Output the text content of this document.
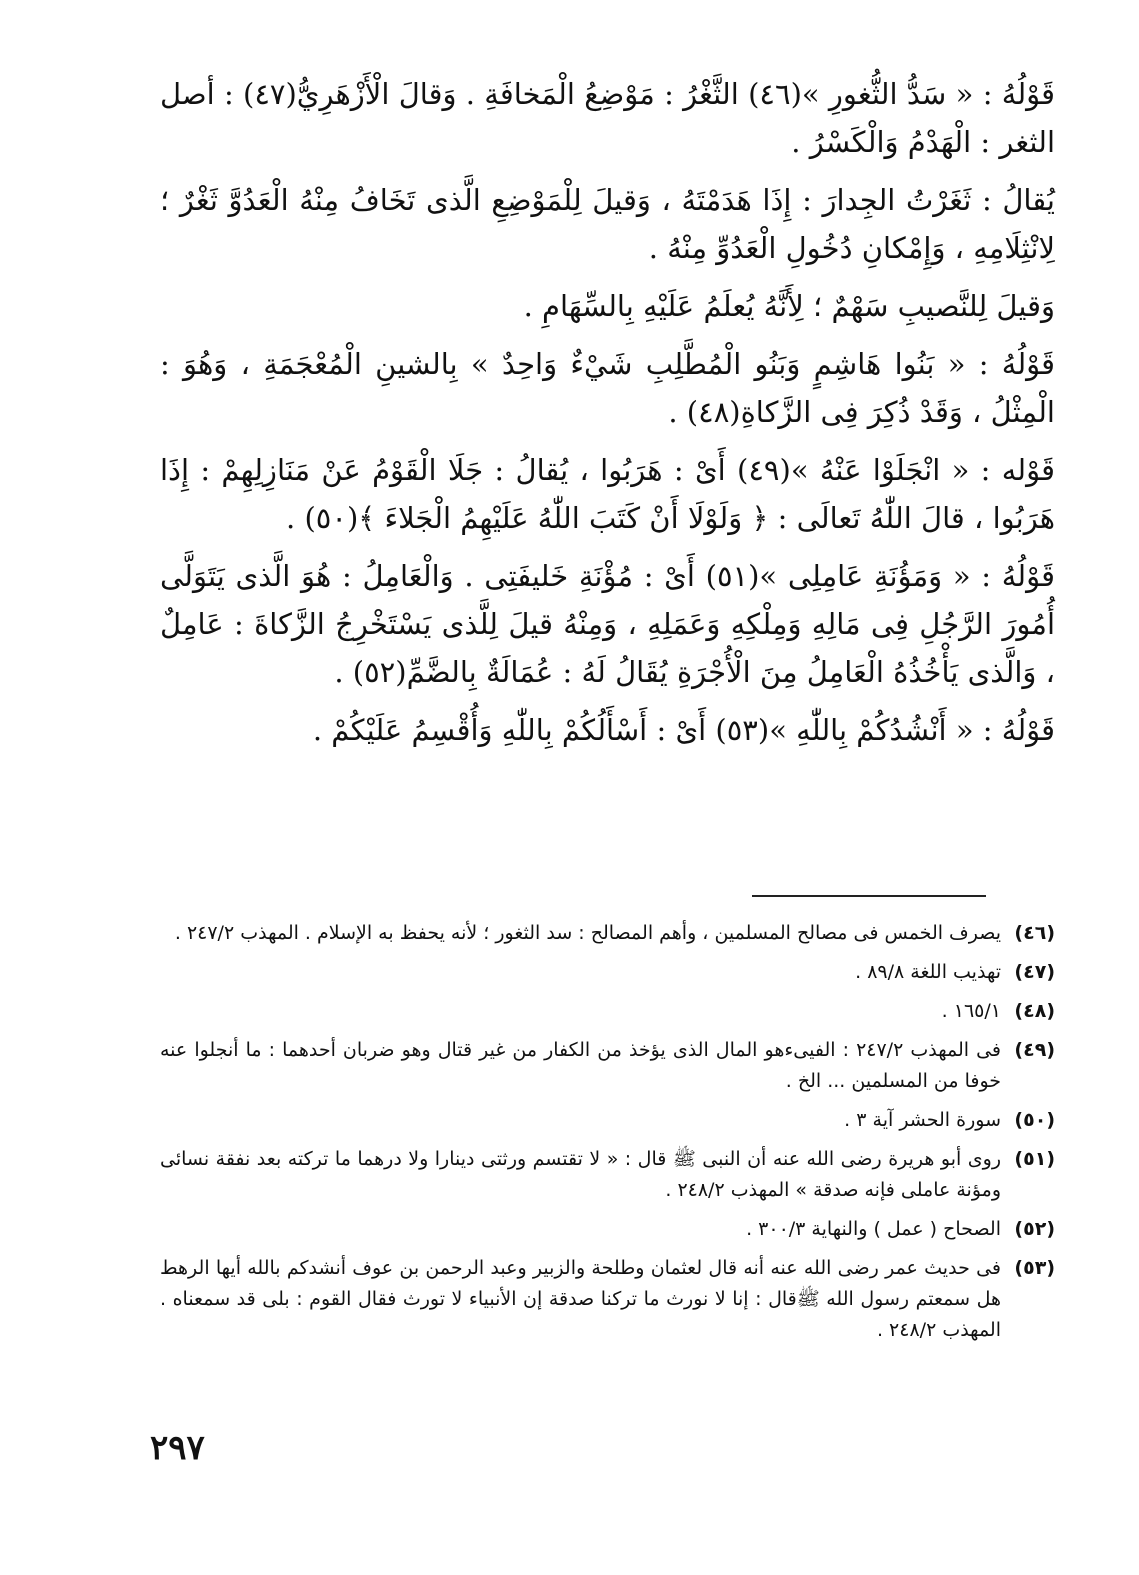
قَوْلُهُ : « سَدُّ الثُّغورِ »(٤٦) الثَّغْرُ : مَوْضِعُ الْمَخافَةِ . وَقالَ الْأَزْهَرِيُّ(٤٧) : أصل الثغر : الْهَدْمُ وَالْكَسْرُ .

يُقالُ : ثَغَرْتُ الجِدارَ : إِذَا هَدَمْتَهُ ، وَقيلَ لِلْمَوْضِعِ الَّذى تَخَافُ مِنْهُ الْعَدُوَّ ثَغْرٌ ؛ لِانْثِلَامِهِ ، وَإِمْكانِ دُخُولِ الْعَدُوِّ مِنْهُ .

وَقيلَ لِلنَّصيبِ سَهْمٌ ؛ لِأَنَّهُ يُعلَمُ عَلَيْهِ بِالسِّهَامِ .

قَوْلُهُ : « بَنُوا هَاشِمٍ وَبَنُو الْمُطَّلِبِ شَيْءٌ وَاحِدٌ » بِالشينِ الْمُعْجَمَةِ ، وَهُوَ : الْمِثْلُ ، وَقَدْ ذُكِرَ فِى الزَّكاةِ(٤٨) .

قَوْله : « انْجَلَوْا عَنْهُ »(٤٩) أَىْ : هَرَبُوا ، يُقالُ : جَلَا الْقَوْمُ عَنْ مَنَازِلِهِمْ : إِذَا هَرَبُوا ، قالَ اللّٰهُ تَعالَى : ﴿ وَلَوْلَا أَنْ كَتَبَ اللّٰهُ عَلَيْهِمُ الْجَلاءَ ﴾(٥٠) .

قَوْلُهُ : « وَمَؤُنَةِ عَامِلِى »(٥١) أَىْ : مُؤْنَةِ خَليفَتِى . وَالْعَامِلُ : هُوَ الَّذى يَتَوَلَّى أُمُورَ الرَّجُلِ فِى مَالِهِ وَمِلْكِهِ وَعَمَلِهِ ، وَمِنْهُ قيلَ لِلَّذى يَسْتَخْرِجُ الزَّكاةَ : عَامِلٌ ، وَالَّذى يَأْخُذُهُ الْعَامِلُ مِنَ الْأُجْرَةِ يُقَالُ لَهُ : عُمَالَةٌ بِالضَّمِّ(٥٢) .

قَوْلُهُ : « أَنْشُدُكُمْ بِاللّٰهِ »(٥٣) أَىْ : أَسْأَلُكُمْ بِاللّٰهِ وَأُقْسِمُ عَلَيْكُمْ .

(٤٦)
يصرف الخمس فى مصالح المسلمين ، وأهم المصالح : سد الثغور ؛ لأنه يحفظ به الإسلام . المهذب ٢٤٧/٢ .
(٤٧)
تهذيب اللغة ٨٩/٨ .
(٤٨)
١٦٥/١ .
(٤٩)
فى المهذب ٢٤٧/٢ : الفيىءهو المال الذى يؤخذ من الكفار من غير قتال وهو ضربان أحدهما : ما أنجلوا عنه خوفا من المسلمين ... الخ .
(٥٠)
سورة الحشر آية ٣ .
(٥١)
روى أبو هريرة رضى الله عنه أن النبى ﷺ قال : « لا تقتسم ورثتى دينارا ولا درهما ما تركته بعد نفقة نسائى ومؤنة عاملى فإنه صدقة » المهذب ٢٤٨/٢ .
(٥٢)
الصحاح ( عمل ) والنهاية ٣٠٠/٣ .
(٥٣)
فى حديث عمر رضى الله عنه أنه قال لعثمان وطلحة والزبير وعبد الرحمن بن عوف أنشدكم بالله أيها الرهط هل سمعتم رسول الله ﷺقال : إنا لا نورث ما تركنا صدقة إن الأنبياء لا تورث فقال القوم : بلى قد سمعناه . المهذب ٢٤٨/٢ .
٢٩٧
